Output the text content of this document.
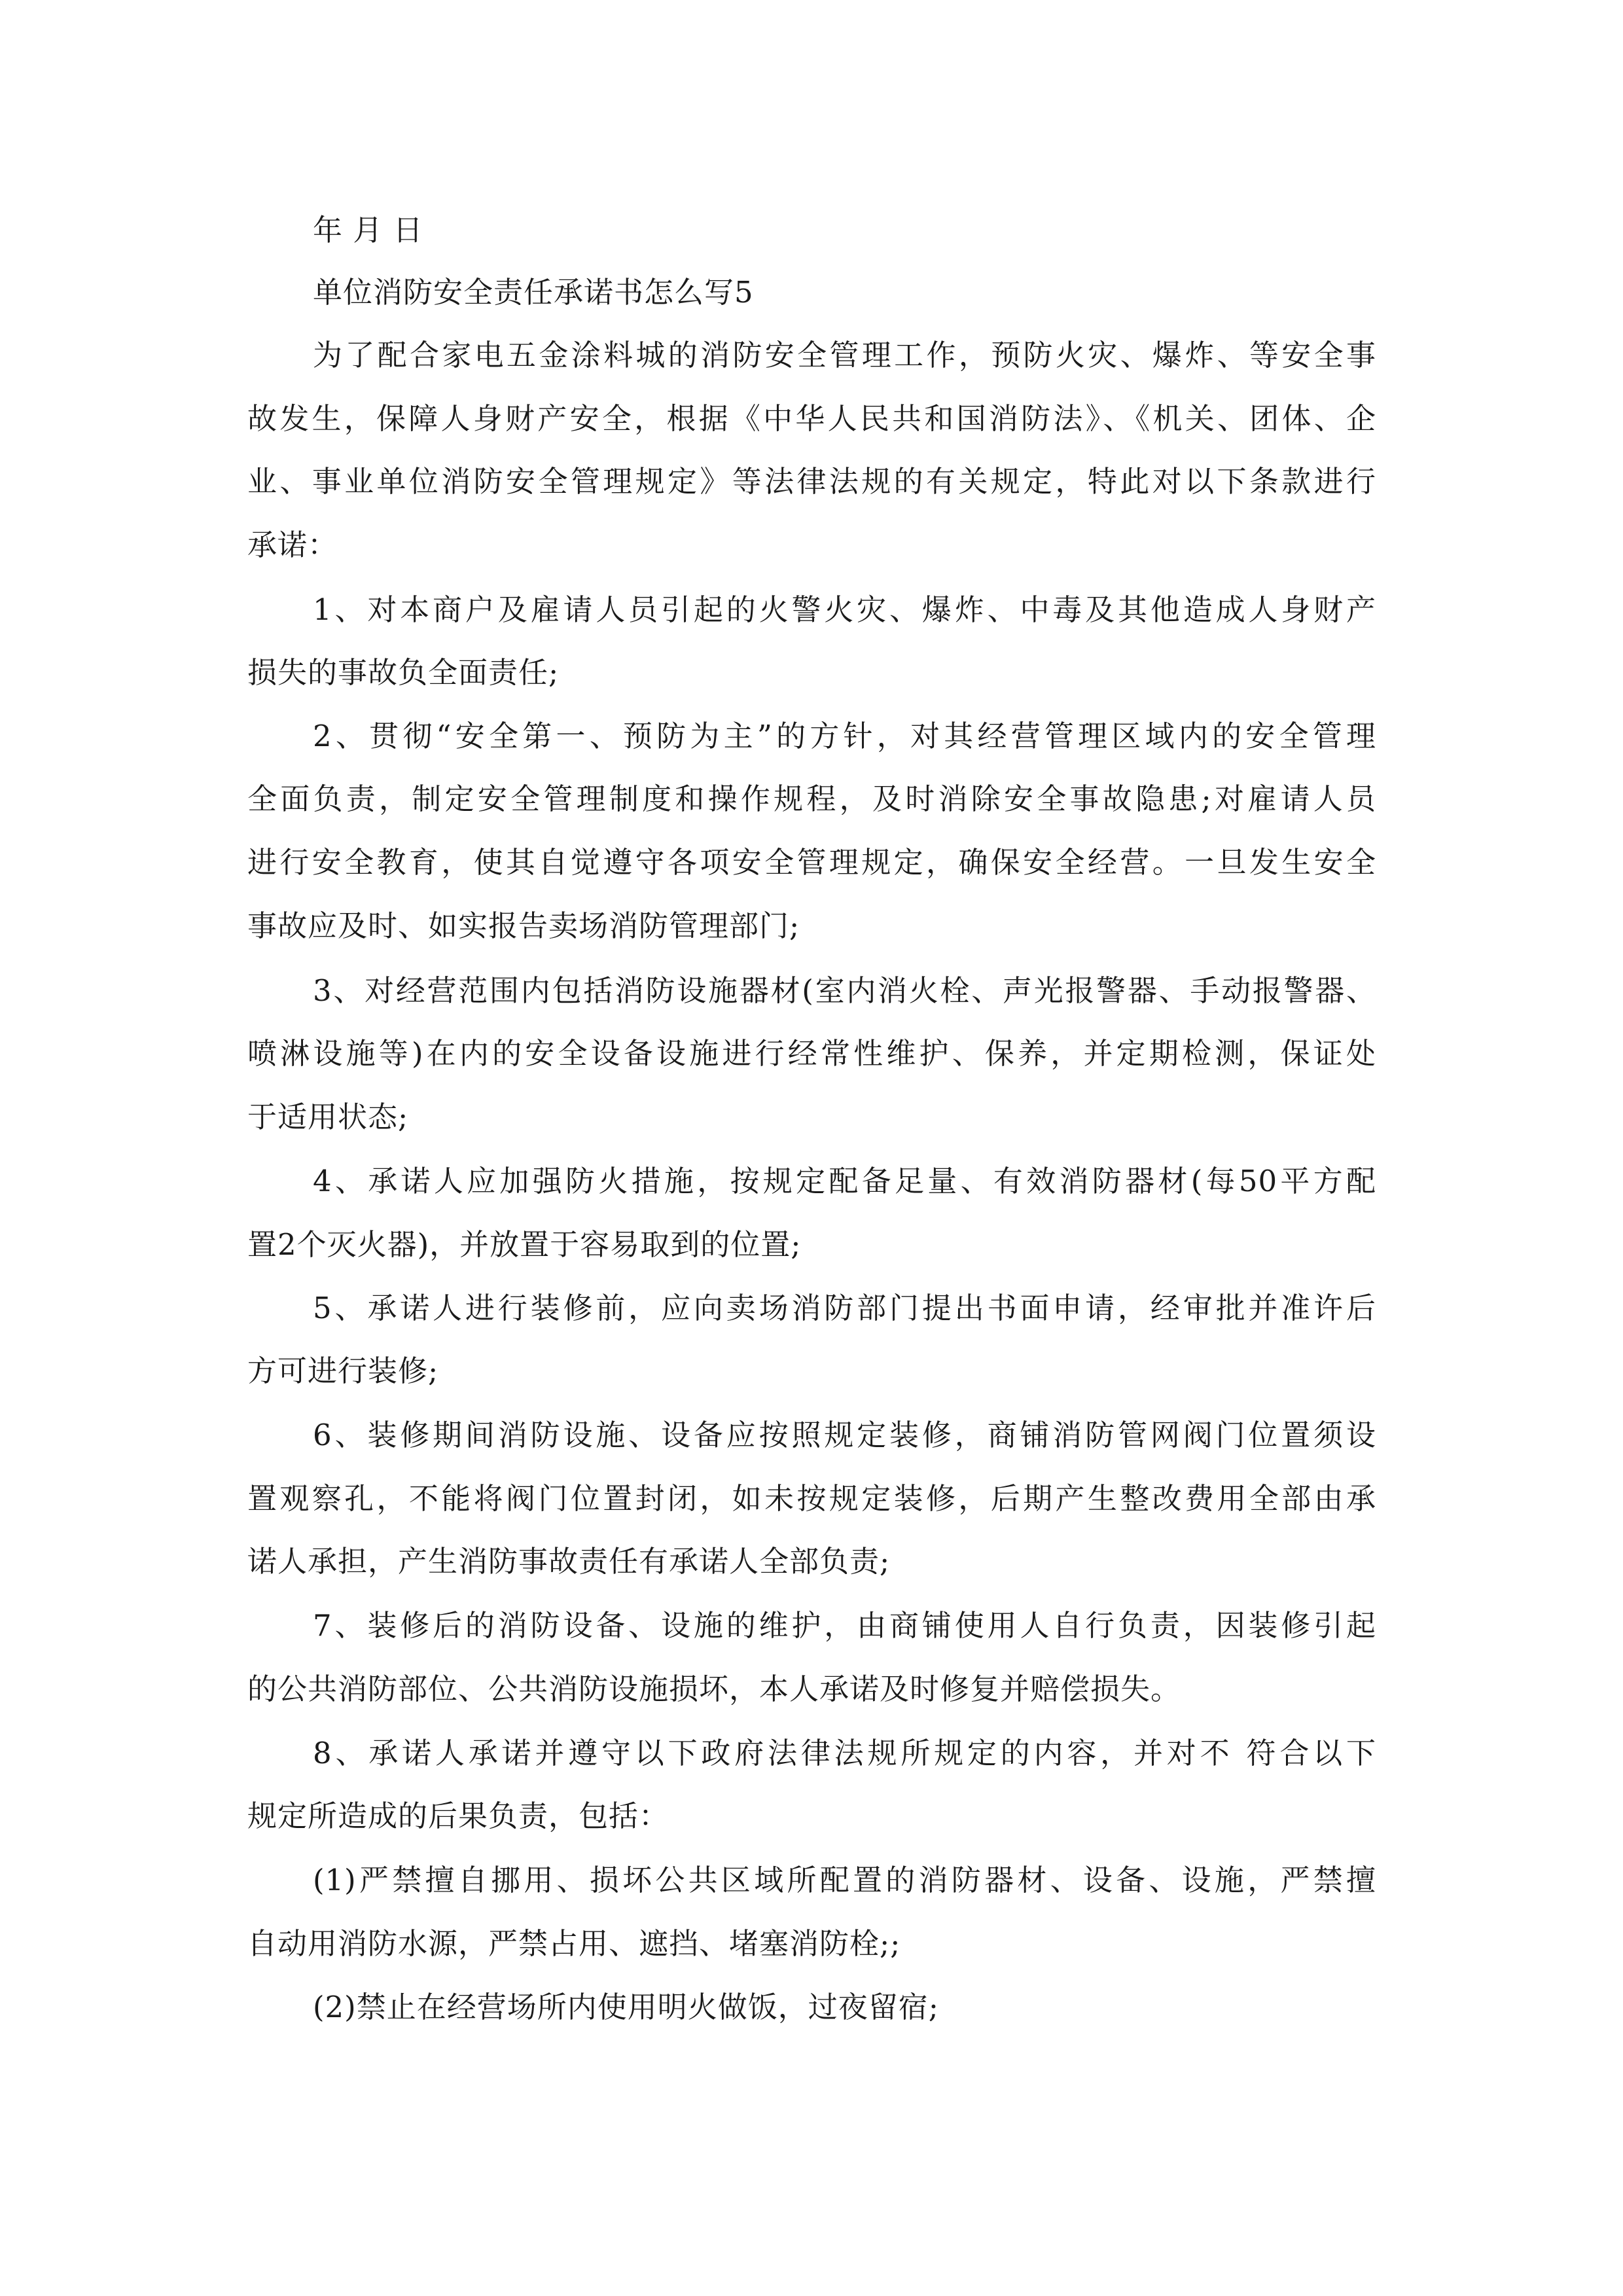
年 月 日
单位消防安全责任承诺书怎么写5
为了配合家电五金涂料城的消防安全管理工作，预防火灾、爆炸、等安全事
故发生，保障人身财产安全，根据《中华人民共和国消防法》、《机关、团体、企
业、事业单位消防安全管理规定》等法律法规的有关规定，特此对以下条款进行
承诺：
1、对本商户及雇请人员引起的火警火灾、爆炸、中毒及其他造成人身财产
损失的事故负全面责任;
2、贯彻“安全第一、预防为主”的方针，对其经营管理区域内的安全管理
全面负责，制定安全管理制度和操作规程，及时消除安全事故隐患;对雇请人员
进行安全教育，使其自觉遵守各项安全管理规定，确保安全经营。一旦发生安全
事故应及时、如实报告卖场消防管理部门;
3、对经营范围内包括消防设施器材(室内消火栓、声光报警器、手动报警器、
喷淋设施等)在内的安全设备设施进行经常性维护、保养，并定期检测，保证处
于适用状态;
4、承诺人应加强防火措施，按规定配备足量、有效消防器材(每50平方配
置2个灭火器)，并放置于容易取到的位置;
5、承诺人进行装修前，应向卖场消防部门提出书面申请，经审批并准许后
方可进行装修;
6、装修期间消防设施、设备应按照规定装修，商铺消防管网阀门位置须设
置观察孔，不能将阀门位置封闭，如未按规定装修，后期产生整改费用全部由承
诺人承担，产生消防事故责任有承诺人全部负责;
7、装修后的消防设备、设施的维护，由商铺使用人自行负责，因装修引起
的公共消防部位、公共消防设施损坏，本人承诺及时修复并赔偿损失。
8、承诺人承诺并遵守以下政府法律法规所规定的内容，并对不 符合以下
规定所造成的后果负责，包括：
(1)严禁擅自挪用、损坏公共区域所配置的消防器材、设备、设施，严禁擅
自动用消防水源，严禁占用、遮挡、堵塞消防栓;;
(2)禁止在经营场所内使用明火做饭，过夜留宿;
